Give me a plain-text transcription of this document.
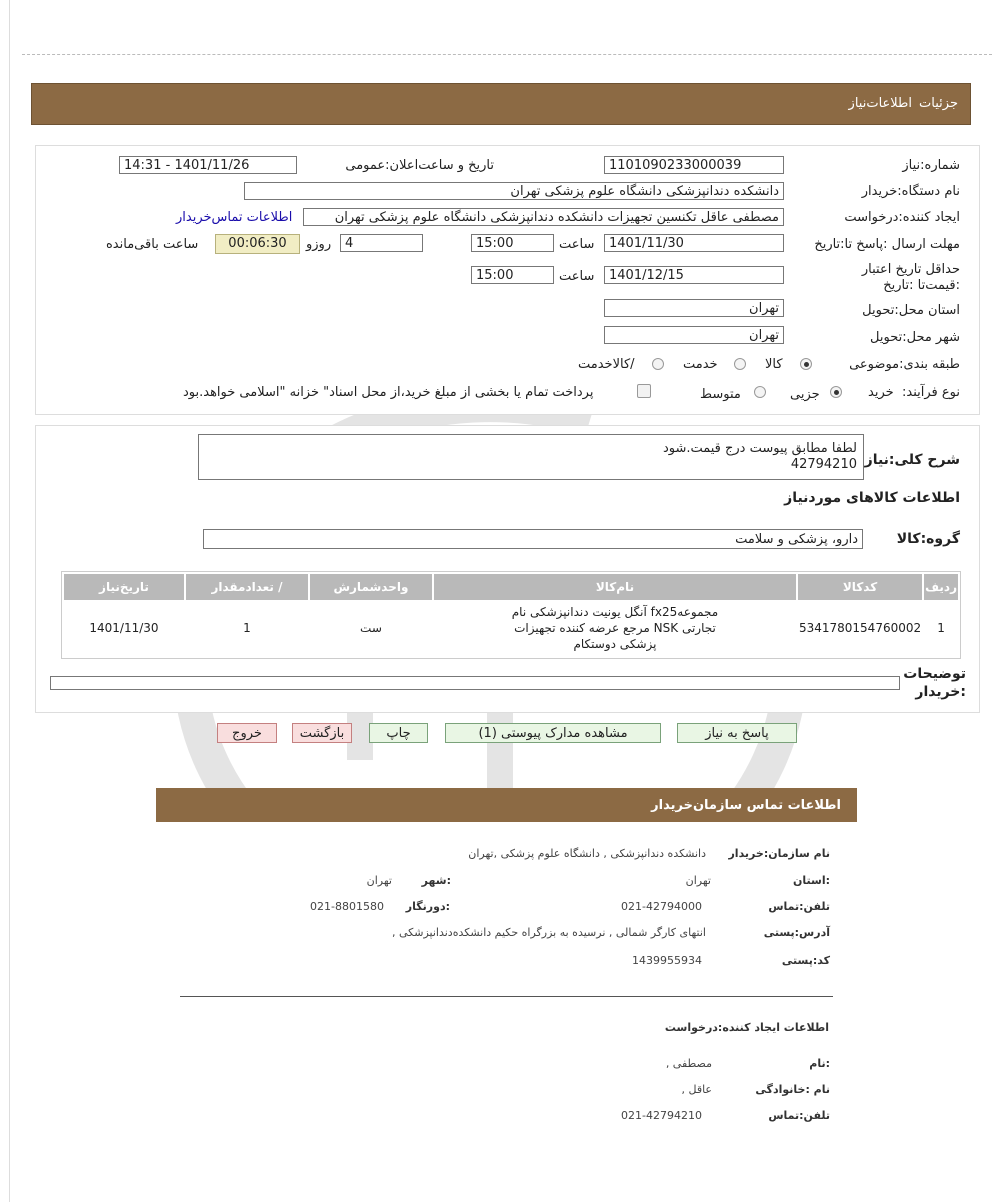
جزئیات
اطلاعات‌نیاز
شماره:نیاز
1101090233000039
تاریخ و ساعت‌اعلان:عمومی
1401/11/26 - 14:31
نام دستگاه:خریدار
دانشکده دندانپزشکی دانشگاه علوم پزشکی تهران
ایجاد کننده:درخواست
مصطفی عاقل تکنسین تجهیزات دانشکده دندانپزشکی دانشگاه علوم پزشکی تهران
اطلاعات تماس‌خریدار
مهلت ارسال :پاسخ تا:تاریخ
1401/11/30
ساعت
15:00
4
روزو
00:06:30
ساعت باقی‌مانده
حداقل تاریخ اعتبار :قیمت‌تا :تاریخ
1401/12/15
ساعت
15:00
استان محل:تحویل
تهران
شهر محل:تحویل
تهران
طبقه بندی:موضوعی
کالا
خدمت
/کالاخدمت
نوع فرآیند:
خرید
جزیی
متوسط
پرداخت تمام یا بخشی از مبلغ خرید،از محل اسناد" خزانه "اسلامی خواهد.بود
شرح کلی:نیاز
لطفا مطابق پیوست درج قیمت.شود
42794210
اطلاعات کالاهای مورد‌نیاز
گروه:کالا
دارو، پزشکی و سلامت
ردیف	کدکالا	نام‌کالا	واحدشمارش	/ تعدادمقدار	تاریخ‌نیاز
1	5341780154760002	مجموعه‌fx25 آنگل یونیت دندانپزشکی نام
تجارتی NSK مرجع عرضه کننده تجهیزات
پزشکی دوستکام	ست	1	1401/11/30
توضیحات
:خریدار
پاسخ به نیاز
مشاهده مدارک پیوستی (1)
چاپ
بازگشت
خروج
اطلاعات تماس سازمان‌خریدار
نام سازمان:خریدار
دانشکده دندانپزشکی , دانشگاه علوم پزشکی ,تهران
:استان
تهران
:شهر
تهران
تلفن:تماس
021-42794000
:دورنگار
021-8801580
آدرس:پستی
انتهای کارگر شمالی , نرسیده به بزرگراه حکیم دانشکده‌دندانپزشکی ,
کد:پستی
1439955934
اطلاعات ایجاد کننده:درخواست
:نام
مصطفی ,
نام :خانوادگی
عاقل ,
تلفن:تماس
021-42794210
